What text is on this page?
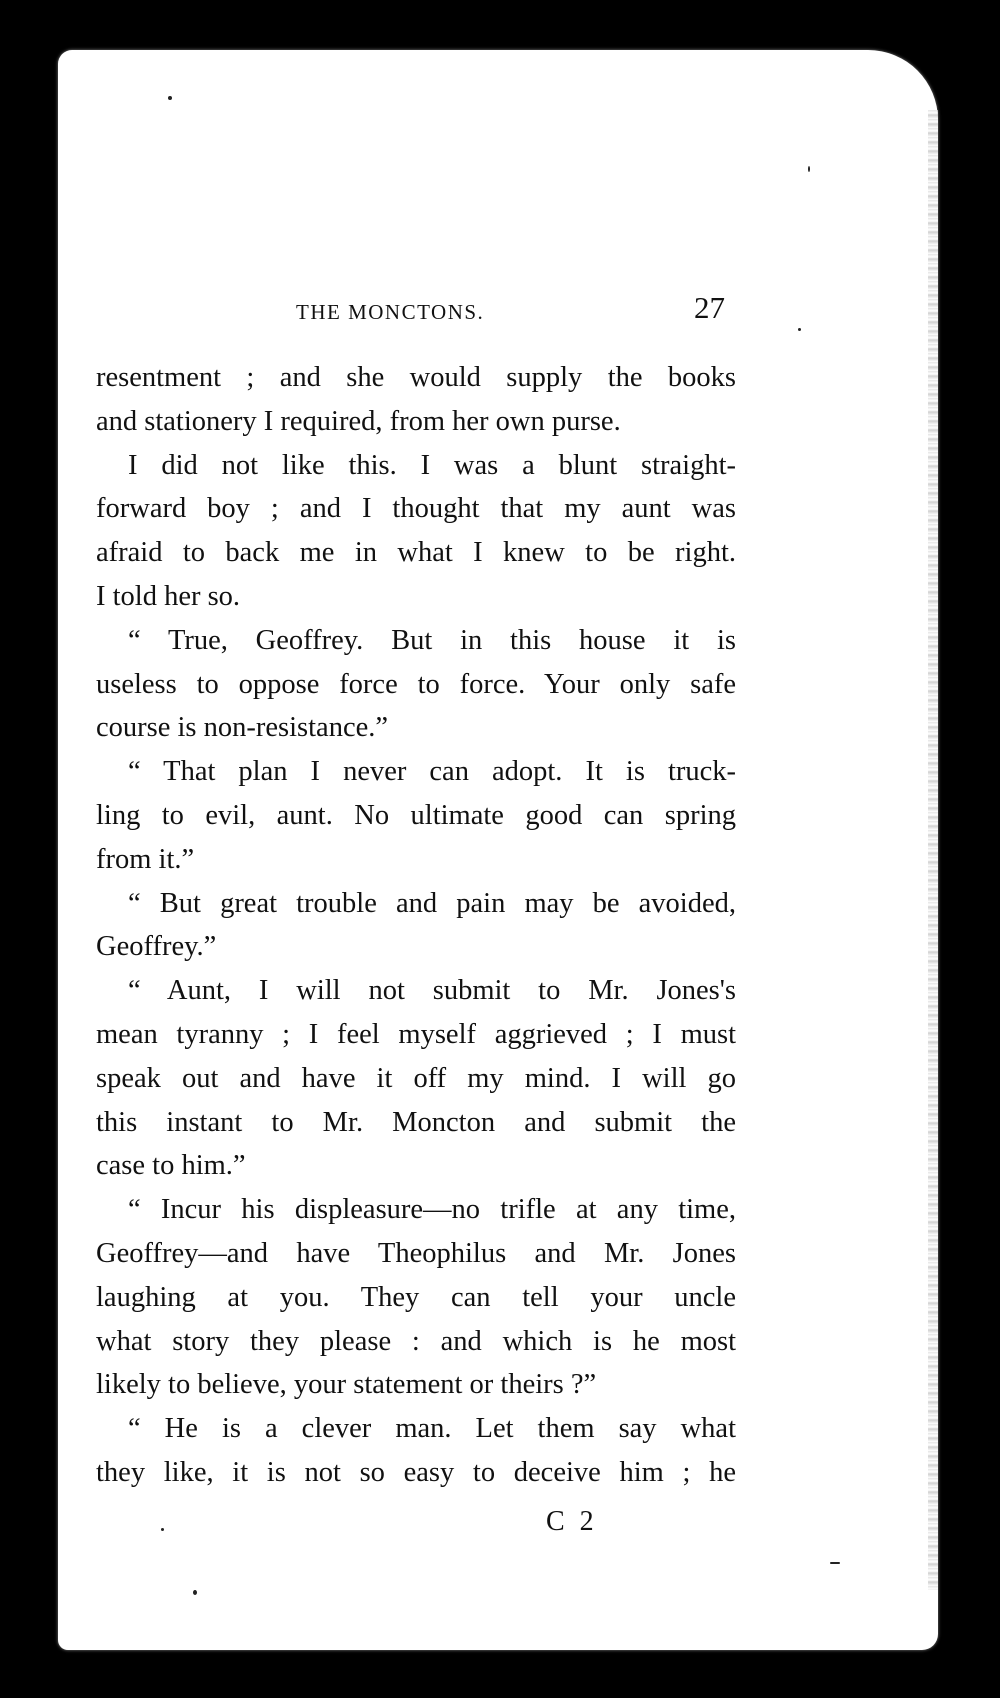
THE MONCTONS.	27
resentment ; and she would supply the books
and stationery I required, from her own purse.
I did not like this. I was a blunt straight-
forward boy ; and I thought that my aunt was
afraid to back me in what I knew to be right.
I told her so.
“ True, Geoffrey. But in this house it is
useless to oppose force to force. Your only safe
course is non-resistance.”
“ That plan I never can adopt. It is truck-
ling to evil, aunt. No ultimate good can spring
from it.”
“ But great trouble and pain may be avoided,
Geoffrey.”
“ Aunt, I will not submit to Mr. Jones's
mean tyranny ; I feel myself aggrieved ; I must
speak out and have it off my mind. I will go
this instant to Mr. Moncton and submit the
case to him.”
“ Incur his displeasure—no trifle at any time,
Geoffrey—and have Theophilus and Mr. Jones
laughing at you. They can tell your uncle
what story they please : and which is he most
likely to believe, your statement or theirs ?”
“ He is a clever man. Let them say what
they like, it is not so easy to deceive him ; he
C 2
